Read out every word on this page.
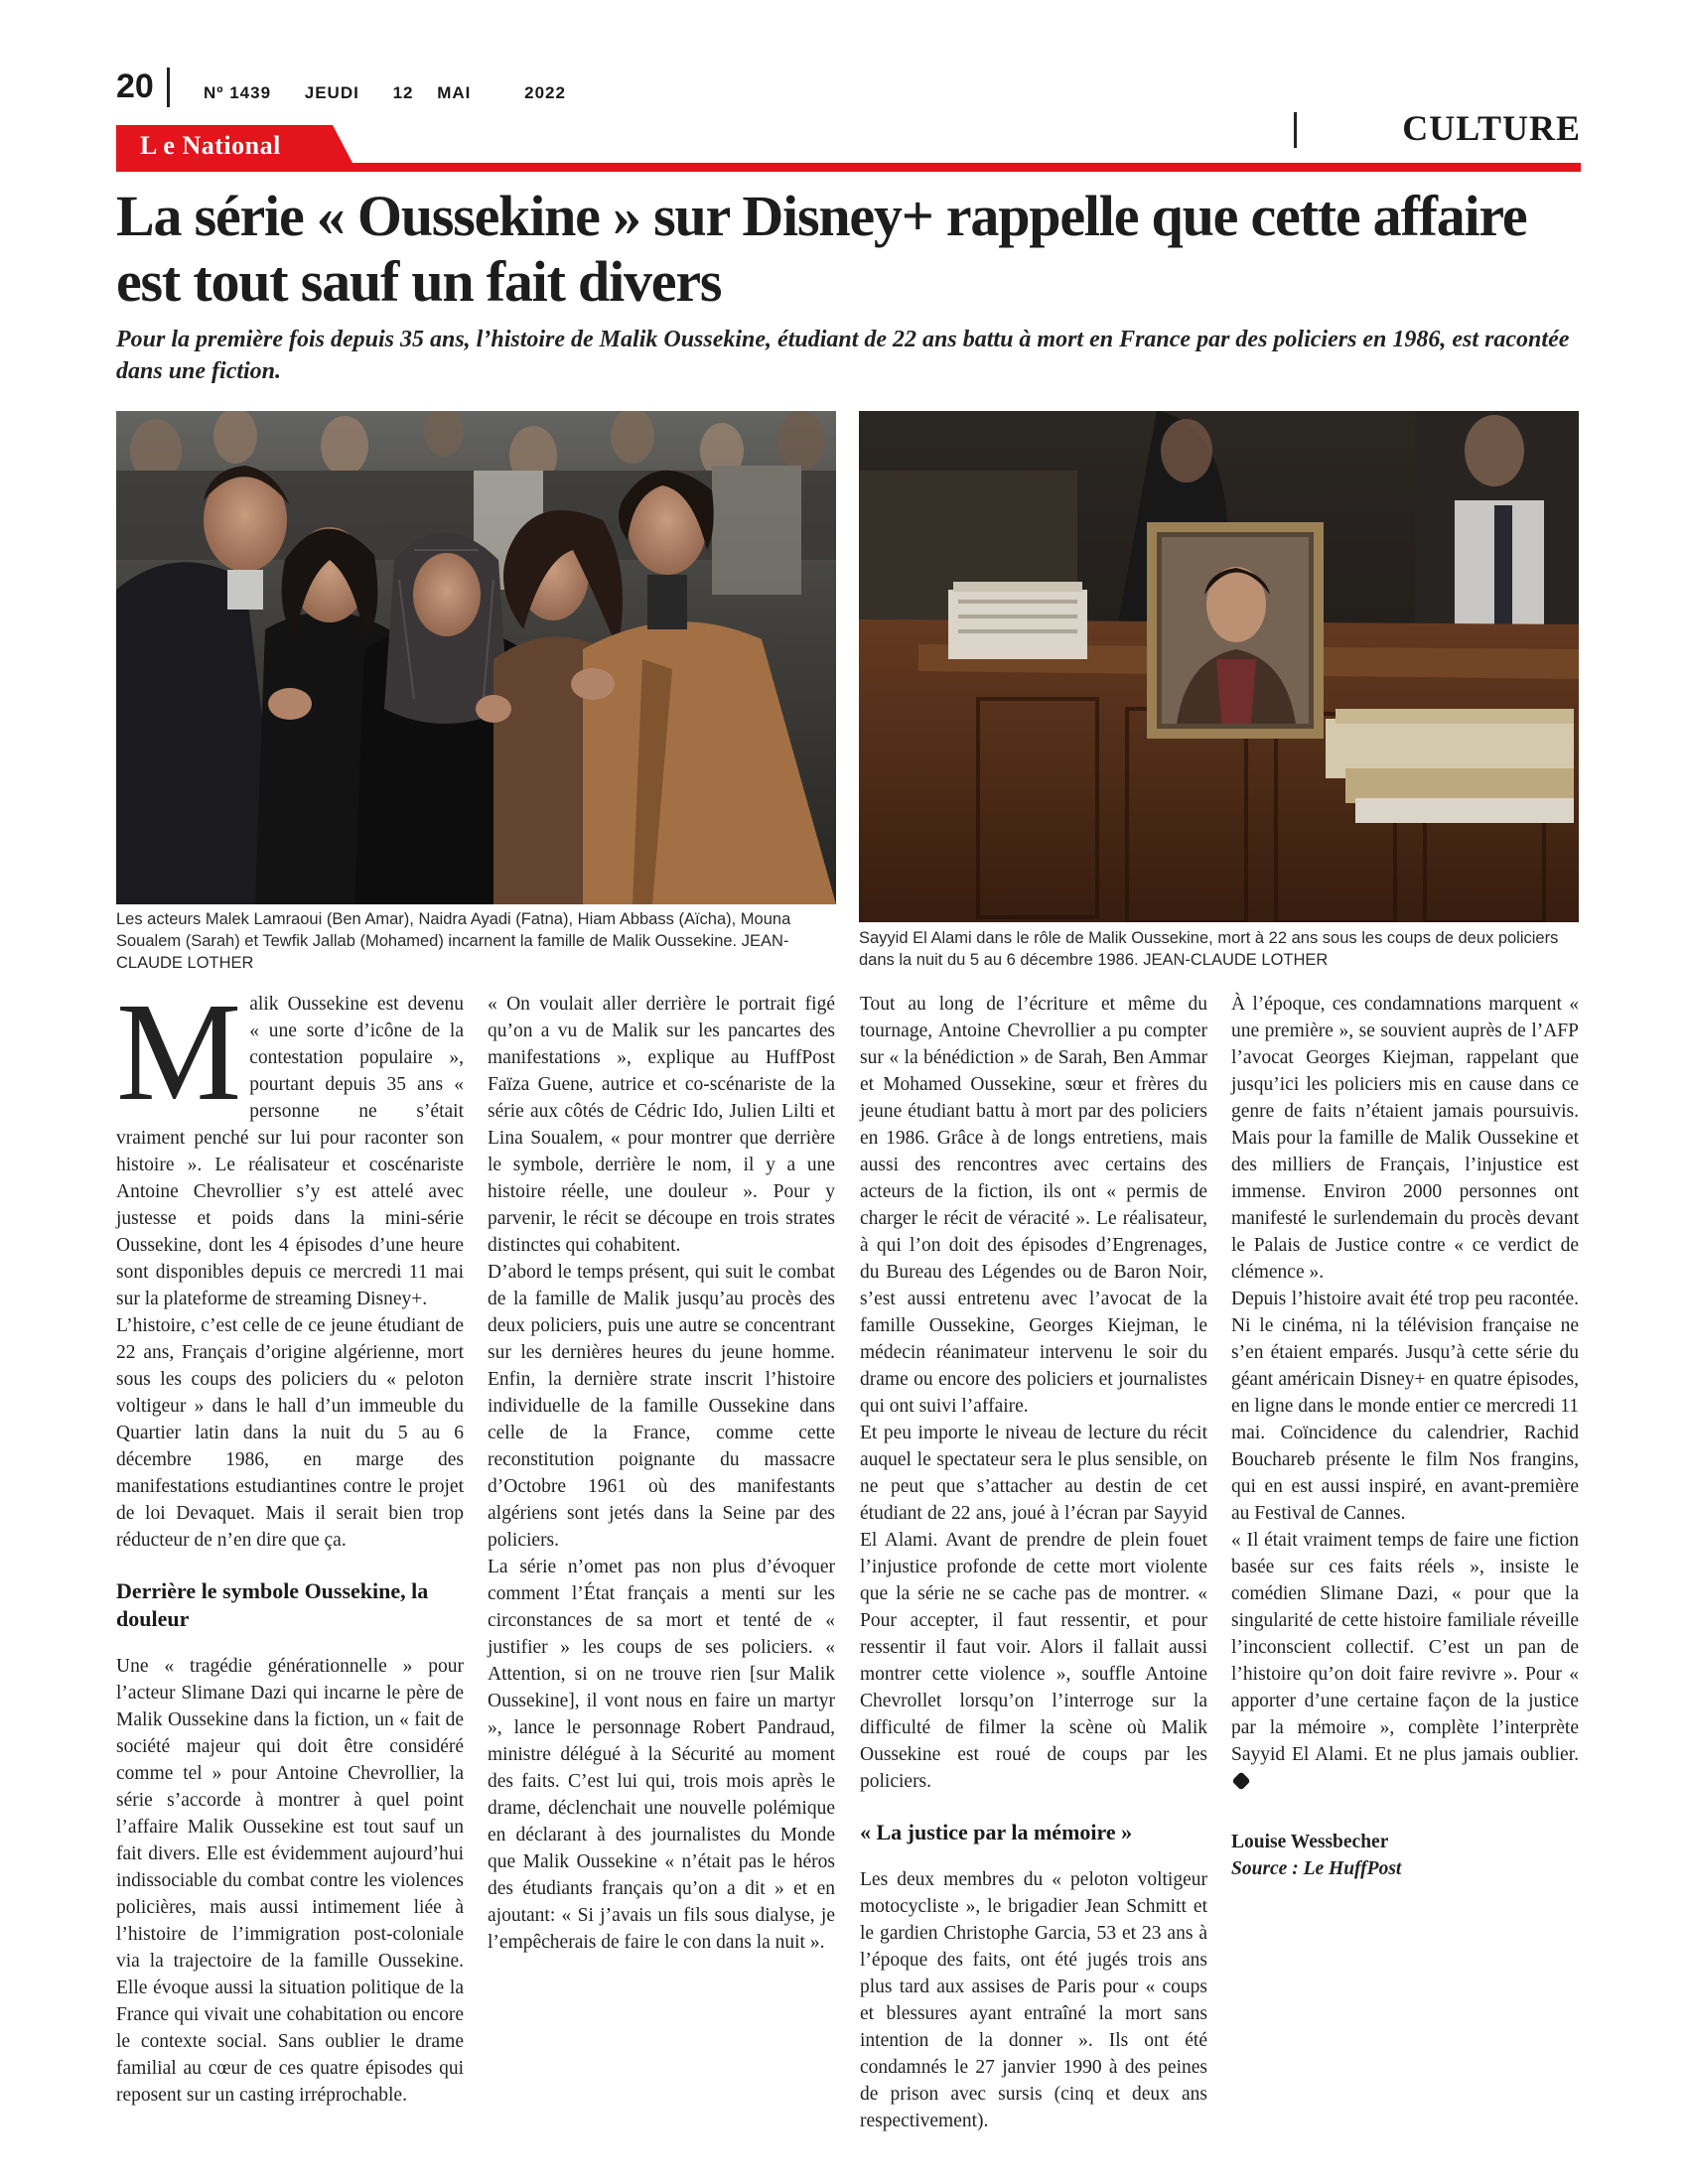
20	Nº 1439 JEUDI 12 MAI	2022
L e National	CULTURE
La série « Oussekine » sur Disney+ rappelle que cette affaire est tout sauf un fait divers

Pour la première fois depuis 35 ans, l’histoire de Malik Oussekine, étudiant de 22 ans battu à mort en France par des policiers en 1986, est racontée dans une fiction.

Les acteurs Malek Lamraoui (Ben Amar), Naidra Ayadi (Fatna), Hiam Abbass (Aïcha), Mouna Soualem (Sarah) et Tewfik Jallab (Mohamed) incarnent la famille de Malik Oussekine. JEAN-CLAUDE LOTHER
Sayyid El Alami dans le rôle de Malik Oussekine, mort à 22 ans sous les coups de deux policiers dans la nuit du 5 au 6 décembre 1986. JEAN-CLAUDE LOTHER

Malik Oussekine est devenu « une sorte d’icône de la contestation populaire », pourtant depuis 35 ans « personne ne s’était vraiment penché sur lui pour raconter son histoire ». Le réalisateur et coscénariste Antoine Chevrollier s’y est attelé avec justesse et poids dans la mini-série Oussekine, dont les 4 épisodes d’une heure sont disponibles depuis ce mercredi 11 mai sur la plateforme de streaming Disney+.

L’histoire, c’est celle de ce jeune étudiant de 22 ans, Français d’origine algérienne, mort sous les coups des policiers du « peloton voltigeur » dans le hall d’un immeuble du Quartier latin dans la nuit du 5 au 6 décembre 1986, en marge des manifestations estudiantines contre le projet de loi Devaquet. Mais il serait bien trop réducteur de n’en dire que ça.

Derrière le symbole Oussekine, la douleur

Une « tragédie générationnelle » pour l’acteur Slimane Dazi qui incarne le père de Malik Oussekine dans la fiction, un « fait de société majeur qui doit être considéré comme tel » pour Antoine Chevrollier, la série s’accorde à montrer à quel point l’affaire Malik Oussekine est tout sauf un fait divers. Elle est évidemment aujourd’hui indissociable du combat contre les violences policières, mais aussi intimement liée à l’histoire de l’immigration post-coloniale via la trajectoire de la famille Oussekine. Elle évoque aussi la situation politique de la France qui vivait une cohabitation ou encore le contexte social. Sans oublier le drame familial au cœur de ces quatre épisodes qui reposent sur un casting irréprochable.

« On voulait aller derrière le portrait figé qu’on a vu de Malik sur les pancartes des manifestations », explique au HuffPost Faïza Guene, autrice et co-scénariste de la série aux côtés de Cédric Ido, Julien Lilti et Lina Soualem, « pour montrer que derrière le symbole, derrière le nom, il y a une histoire réelle, une douleur ». Pour y parvenir, le récit se découpe en trois strates distinctes qui cohabitent.

D’abord le temps présent, qui suit le combat de la famille de Malik jusqu’au procès des deux policiers, puis une autre se concentrant sur les dernières heures du jeune homme. Enfin, la dernière strate inscrit l’histoire individuelle de la famille Oussekine dans celle de la France, comme cette reconstitution poignante du massacre d’Octobre 1961 où des manifestants algériens sont jetés dans la Seine par des policiers.

La série n’omet pas non plus d’évoquer comment l’État français a menti sur les circonstances de sa mort et tenté de « justifier » les coups de ses policiers. « Attention, si on ne trouve rien [sur Malik Oussekine], il vont nous en faire un martyr », lance le personnage Robert Pandraud, ministre délégué à la Sécurité au moment des faits. C’est lui qui, trois mois après le drame, déclenchait une nouvelle polémique en déclarant à des journalistes du Monde que Malik Oussekine « n’était pas le héros des étudiants français qu’on a dit » et en ajoutant: « Si j’avais un fils sous dialyse, je l’empêcherais de faire le con dans la nuit ».

Tout au long de l’écriture et même du tournage, Antoine Chevrollier a pu compter sur « la bénédiction » de Sarah, Ben Ammar et Mohamed Oussekine, sœur et frères du jeune étudiant battu à mort par des policiers en 1986. Grâce à de longs entretiens, mais aussi des rencontres avec certains des acteurs de la fiction, ils ont « permis de charger le récit de véracité ». Le réalisateur, à qui l’on doit des épisodes d’Engrenages, du Bureau des Légendes ou de Baron Noir, s’est aussi entretenu avec l’avocat de la famille Oussekine, Georges Kiejman, le médecin réanimateur intervenu le soir du drame ou encore des policiers et journalistes qui ont suivi l’affaire.

Et peu importe le niveau de lecture du récit auquel le spectateur sera le plus sensible, on ne peut que s’attacher au destin de cet étudiant de 22 ans, joué à l’écran par Sayyid El Alami. Avant de prendre de plein fouet l’injustice profonde de cette mort violente que la série ne se cache pas de montrer. « Pour accepter, il faut ressentir, et pour ressentir il faut voir. Alors il fallait aussi montrer cette violence », souffle Antoine Chevrollet lorsqu’on l’interroge sur la difficulté de filmer la scène où Malik Oussekine est roué de coups par les policiers.

« La justice par la mémoire »

Les deux membres du « peloton voltigeur motocycliste », le brigadier Jean Schmitt et le gardien Christophe Garcia, 53 et 23 ans à l’époque des faits, ont été jugés trois ans plus tard aux assises de Paris pour « coups et blessures ayant entraîné la mort sans intention de la donner ». Ils ont été condamnés le 27 janvier 1990 à des peines de prison avec sursis (cinq et deux ans respectivement).

À l’époque, ces condamnations marquent « une première », se souvient auprès de l’AFP l’avocat Georges Kiejman, rappelant que jusqu’ici les policiers mis en cause dans ce genre de faits n’étaient jamais poursuivis. Mais pour la famille de Malik Oussekine et des milliers de Français, l’injustice est immense. Environ 2000 personnes ont manifesté le surlendemain du procès devant le Palais de Justice contre « ce verdict de clémence ».

Depuis l’histoire avait été trop peu racontée. Ni le cinéma, ni la télévision française ne s’en étaient emparés. Jusqu’à cette série du géant américain Disney+ en quatre épisodes, en ligne dans le monde entier ce mercredi 11 mai. Coïncidence du calendrier, Rachid Bouchareb présente le film Nos frangins, qui en est aussi inspiré, en avant-première au Festival de Cannes.

« Il était vraiment temps de faire une fiction basée sur ces faits réels », insiste le comédien Slimane Dazi, « pour que la singularité de cette histoire familiale réveille l’inconscient collectif. C’est un pan de l’histoire qu’on doit faire revivre ». Pour « apporter d’une certaine façon de la justice par la mémoire », complète l’interprète Sayyid El Alami. Et ne plus jamais oublier.

Louise Wessbecher

Source : Le HuffPost
